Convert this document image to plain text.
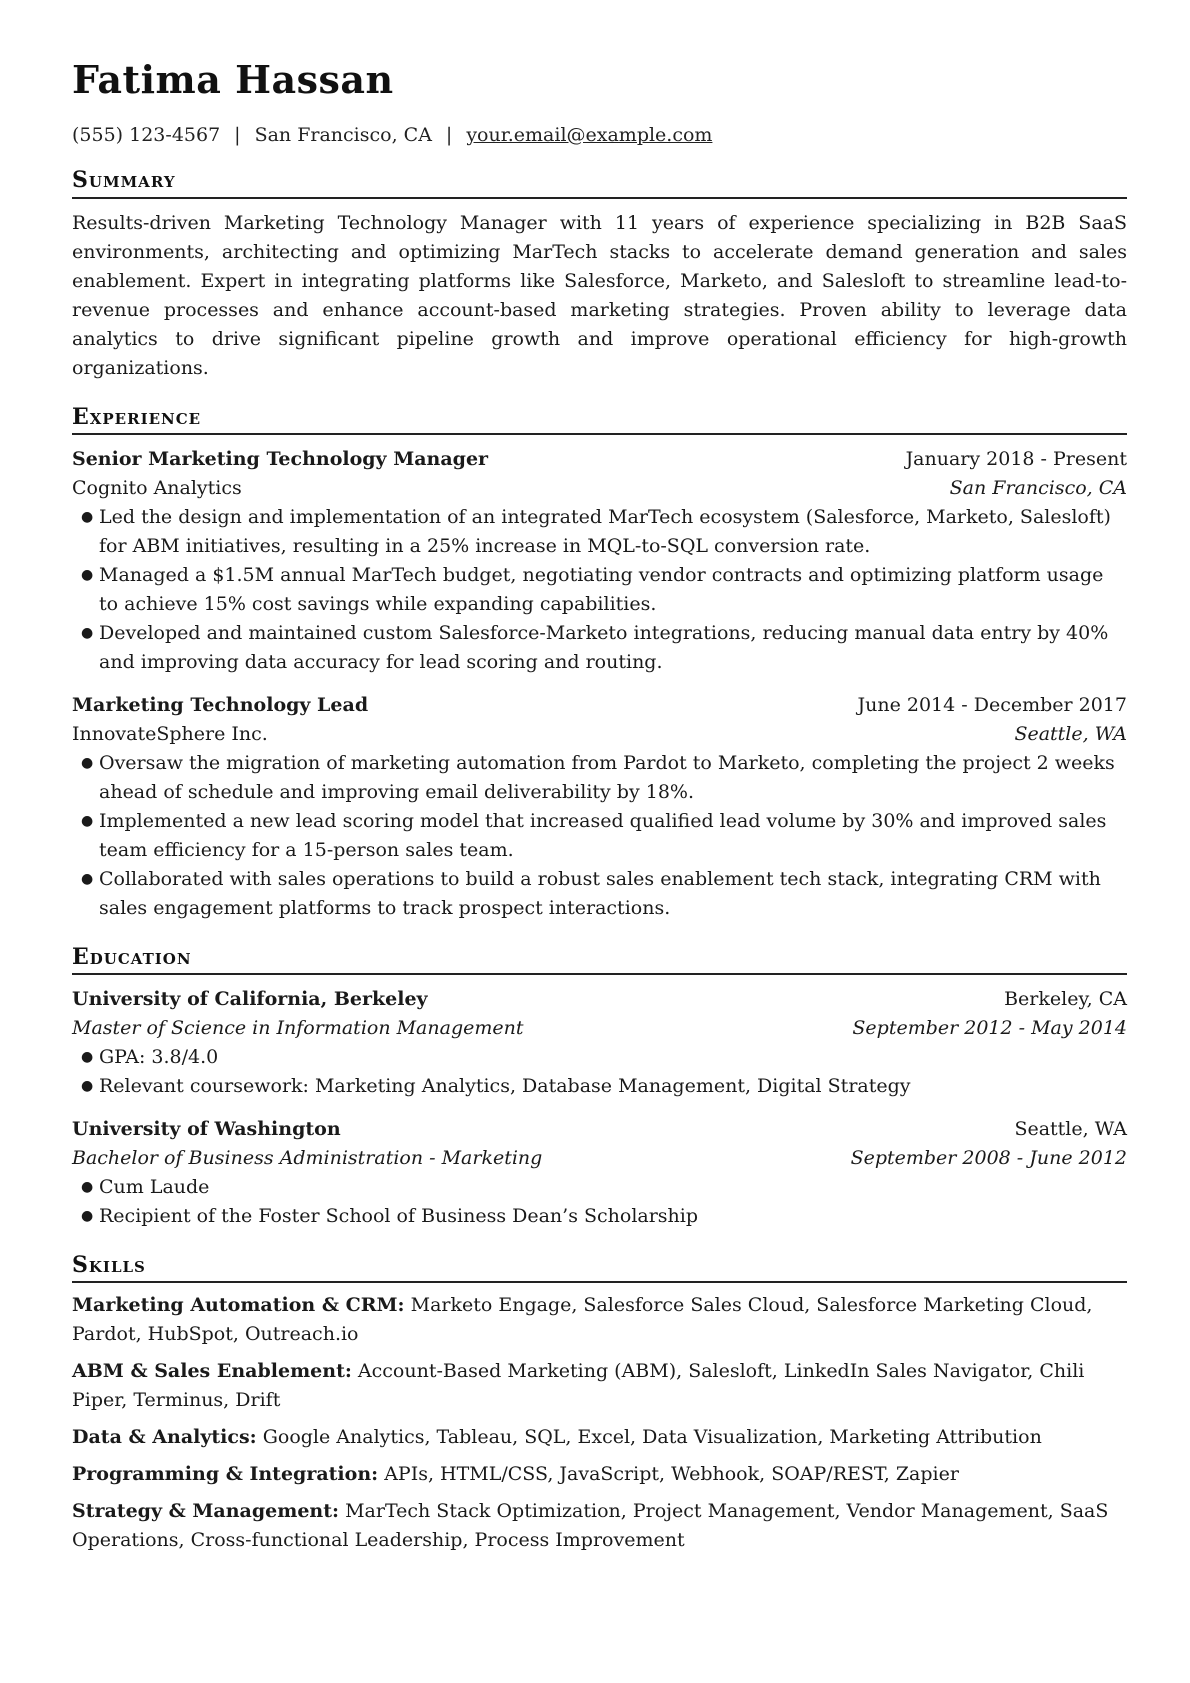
Fatima Hassan
(555) 123-4567 | San Francisco, CA | your.email@example.com
Summary

Results-driven Marketing Technology Manager with 11 years of experience specializing in B2B SaaS environments, architecting and optimizing MarTech stacks to accelerate demand generation and sales enablement. Expert in integrating platforms like Salesforce, Marketo, and Salesloft to streamline lead-to-revenue processes and enhance account-based marketing strategies. Proven ability to leverage data analytics to drive significant pipeline growth and improve operational efficiency for high-growth organizations.

Experience
Senior Marketing Technology Manager	January 2018 - Present
Cognito Analytics	San Francisco, CA
● Led the design and implementation of an integrated MarTech ecosystem (Salesforce, Marketo, Salesloft) for ABM initiatives, resulting in a 25% increase in MQL-to-SQL conversion rate.
● Managed a $1.5M annual MarTech budget, negotiating vendor contracts and optimizing platform usage to achieve 15% cost savings while expanding capabilities.
● Developed and maintained custom Salesforce-Marketo integrations, reducing manual data entry by 40% and improving data accuracy for lead scoring and routing.
Marketing Technology Lead	June 2014 - December 2017
InnovateSphere Inc.	Seattle, WA
● Oversaw the migration of marketing automation from Pardot to Marketo, completing the project 2 weeks ahead of schedule and improving email deliverability by 18%.
● Implemented a new lead scoring model that increased qualified lead volume by 30% and improved sales team efficiency for a 15-person sales team.
● Collaborated with sales operations to build a robust sales enablement tech stack, integrating CRM with sales engagement platforms to track prospect interactions.
Education
University of California, Berkeley	Berkeley, CA
Master of Science in Information Management	September 2012 - May 2014
● GPA: 3.8/4.0
● Relevant coursework: Marketing Analytics, Database Management, Digital Strategy
University of Washington	Seattle, WA
Bachelor of Business Administration - Marketing	September 2008 - June 2012
● Cum Laude
● Recipient of the Foster School of Business Dean’s Scholarship
Skills
Marketing Automation & CRM: Marketo Engage, Salesforce Sales Cloud, Salesforce Marketing Cloud, Pardot, HubSpot, Outreach.io
ABM & Sales Enablement: Account-Based Marketing (ABM), Salesloft, LinkedIn Sales Navigator, Chili Piper, Terminus, Drift
Data & Analytics: Google Analytics, Tableau, SQL, Excel, Data Visualization, Marketing Attribution
Programming & Integration: APIs, HTML/CSS, JavaScript, Webhook, SOAP/REST, Zapier
Strategy & Management: MarTech Stack Optimization, Project Management, Vendor Management, SaaS Operations, Cross-functional Leadership, Process Improvement
